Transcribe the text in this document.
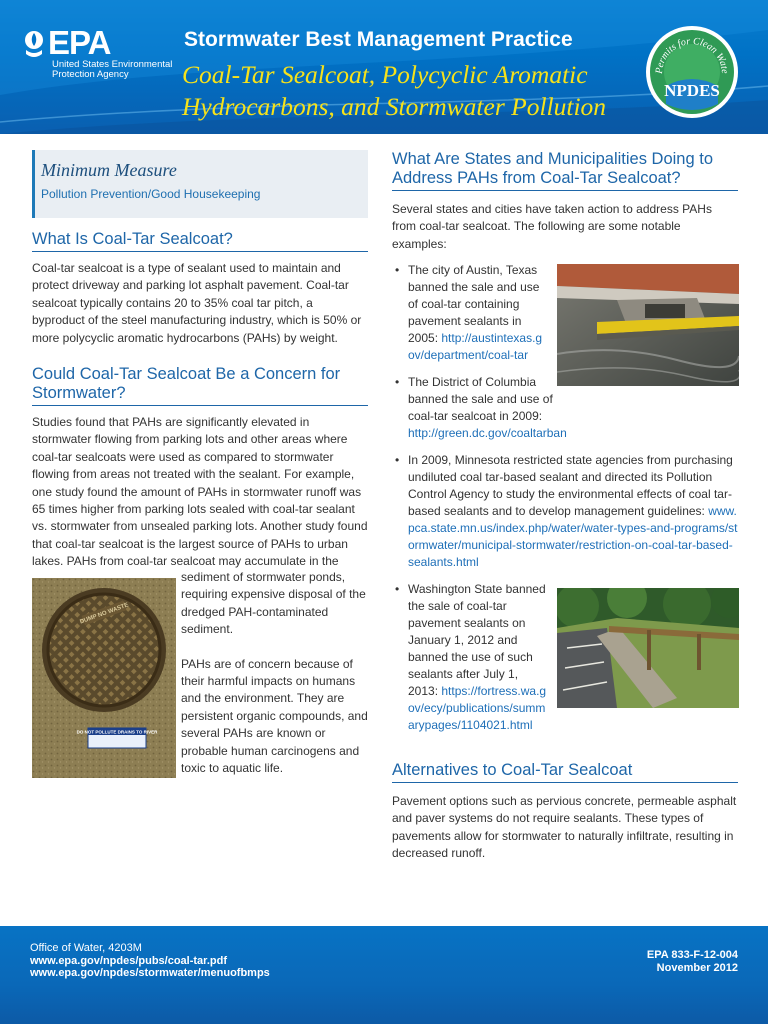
EPA
United States Environmental Protection Agency
Stormwater Best Management Practice
Coal-Tar Sealcoat, Polycyclic Aromatic
Hydrocarbons, and Stormwater Pollution
Permits for Clean Wate
NPDES
Minimum Measure
Pollution Prevention/Good Housekeeping
What Is Coal-Tar Sealcoat?

Coal-tar sealcoat is a type of sealant used to maintain and protect driveway and parking lot asphalt pavement. Coal-tar sealcoat typically contains 20 to 35% coal tar pitch, a byproduct of the steel manufacturing industry, which is 50% or more polycyclic aromatic hydrocarbons (PAHs) by weight.

Could Coal-Tar Sealcoat Be a Concern for Stormwater?

Studies found that PAHs are significantly elevated in stormwater flowing from parking lots and other areas where coal-tar sealcoats were used as compared to stormwater flowing from areas not treated with the sealant. For example, one study found the amount of PAHs in stormwater runoff was 65 times higher from parking lots sealed with coal-tar sealant vs. stormwater from unsealed parking lots. Another study found that coal-tar sealcoat is the largest source of PAHs to urban lakes. PAHs from coal-tar sealcoat may accumulate in the

DUMP NO WASTE
DO NOT POLLUTE DRAINS TO RIVER

sediment of stormwater ponds, requiring expensive disposal of the dredged PAH-contaminated sediment.

PAHs are of concern because of their harmful impacts on humans and the environment. They are persistent organic compounds, and several PAHs are known or probable human carcinogens and toxic to aquatic life.

What Are States and Municipalities Doing to Address PAHs from Coal-Tar Sealcoat?

Several states and cities have taken action to address PAHs from coal-tar sealcoat. The following are some notable examples:

• The city of Austin, Texas banned the sale and use of coal-tar containing pavement sealants in 2005: http://austintexas.gov/department/coal-tar
• The District of Columbia banned the sale and use of coal-tar sealcoat in 2009: http://green.dc.gov/coaltarban
• In 2009, Minnesota restricted state agencies from purchasing undiluted coal tar-based sealant and directed its Pollution Control Agency to study the environmental effects of coal tar-based sealants and to develop management guidelines: www.pca.state.mn.us/index.php/water/water-types-and-programs/stormwater/municipal-stormwater/restriction-on-coal-tar-based-sealants.html
• Washington State banned the sale of coal-tar pavement sealants on January 1, 2012 and banned the use of such sealants after July 1, 2013: https://fortress.wa.gov/ecy/publications/summarypages/1104021.html
Alternatives to Coal-Tar Sealcoat

Pavement options such as pervious concrete, permeable asphalt and paver systems do not require sealants. These types of pavements allow for stormwater to naturally infiltrate, resulting in decreased runoff.

Office of Water, 4203M
www.epa.gov/npdes/pubs/coal-tar.pdf
www.epa.gov/npdes/stormwater/menuofbmps
EPA 833-F-12-004
November 2012
